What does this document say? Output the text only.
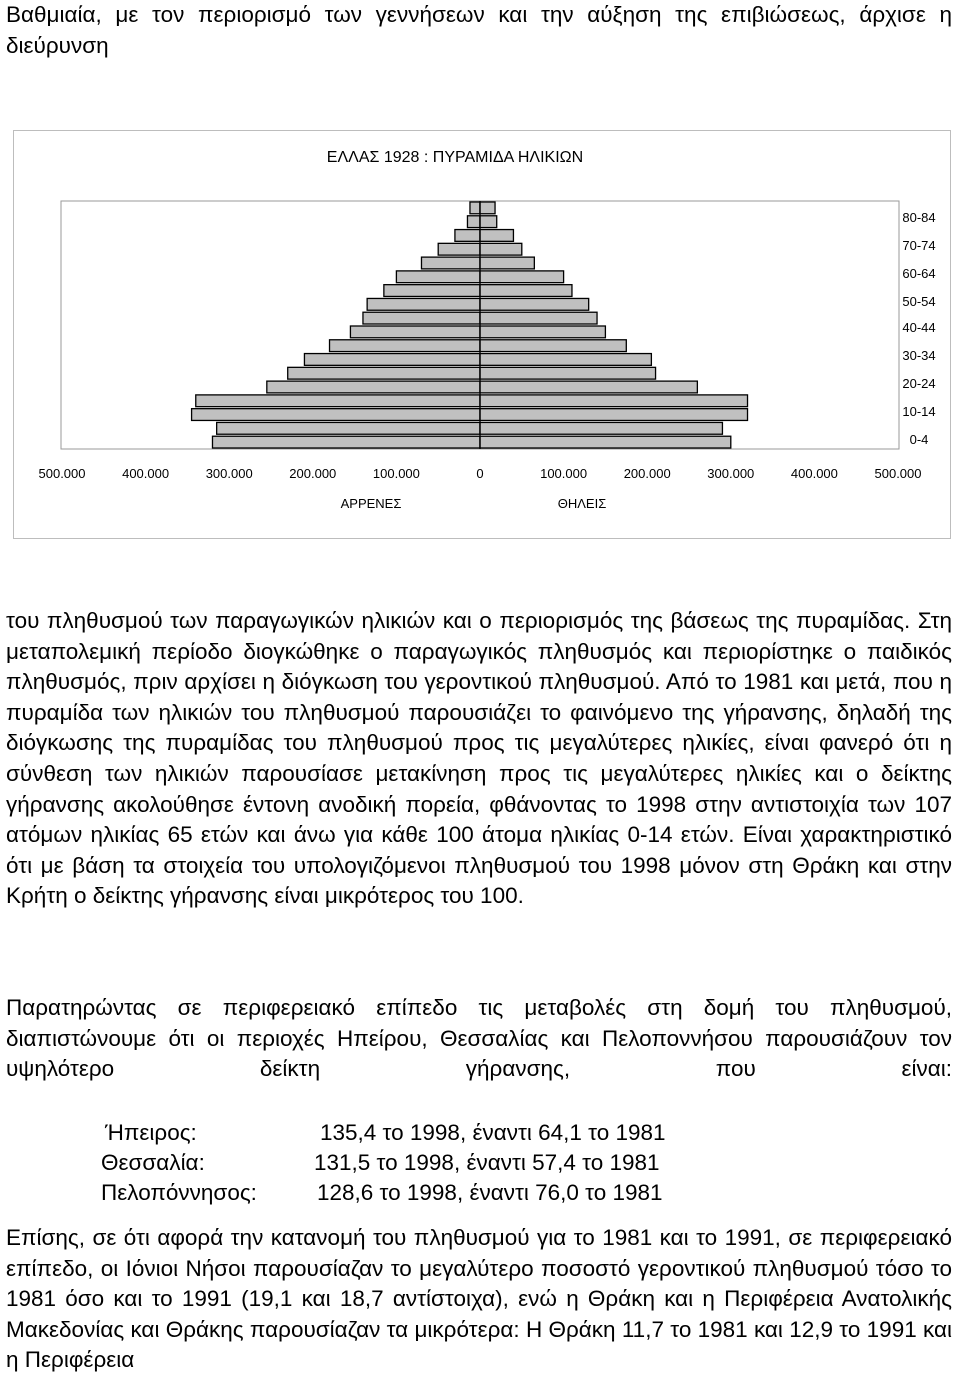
Βαθμιαία, με τον περιορισμό των γεννήσεων και την αύξηση της επιβιώσεως, άρχισε η διεύρυνση

ΕΛΛΑΣ 1928 : ΠΥΡΑΜΙΔΑ ΗΛΙΚΙΩΝ
500.000	400.000	300.000	200.000	100.000	0	100.000	200.000	300.000	400.000	500.000
ΑΡΡΕΝΕΣ	ΘΗΛΕΙΣ
0-4
10-14
20-24
30-34
40-44
50-54
60-64
70-74
80-84

του πληθυσμού των παραγωγικών ηλικιών και ο περιορισμός της βάσεως της πυραμίδας. Στη μεταπολεμική περίοδο διογκώθηκε ο παραγωγικός πληθυσμός και περιορίστηκε ο παιδικός πληθυσμός, πριν αρχίσει η διόγκωση του γεροντικού πληθυσμού. Από το 1981 και μετά, που η πυραμίδα των ηλικιών του πληθυσμού παρουσιάζει το φαινόμενο της γήρανσης, δηλαδή της διόγκωσης της πυραμίδας του πληθυσμού προς τις μεγαλύτερες ηλικίες, είναι φανερό ότι η σύνθεση των ηλικιών παρουσίασε μετακίνηση προς τις μεγαλύτερες ηλικίες και ο δείκτης γήρανσης ακολούθησε έντονη ανοδική πορεία, φθάνοντας το 1998 στην αντιστοιχία των 107 ατόμων ηλικίας 65 ετών και άνω για κάθε 100 άτομα ηλικίας 0-14 ετών. Είναι χαρακτηριστικό ότι με βάση τα στοιχεία του υπολογιζόμενοι πληθυσμού του 1998 μόνον στη Θράκη και στην Κρήτη ο δείκτης γήρανσης είναι μικρότερος του 100.

Παρατηρώντας σε περιφερειακό επίπεδο τις μεταβολές στη δομή του πληθυσμού, διαπιστώνουμε ότι οι περιοχές Ηπείρου, Θεσσαλίας και Πελοποννήσου παρουσιάζουν τον υψηλότερο δείκτη γήρανσης, που είναι:

Ήπειρος:	135,4 το 1998, έναντι 64,1 το 1981
Θεσσαλία:	131,5 το 1998, έναντι 57,4 το 1981
Πελοπόννησος:	128,6 το 1998, έναντι 76,0 το 1981

Επίσης, σε ότι αφορά την κατανομή του πληθυσμού για το 1981 και το 1991, σε περιφερειακό επίπεδο, οι Ιόνιοι Νήσοι παρουσίαζαν το μεγαλύτερο ποσοστό γεροντικού πληθυσμού τόσο το 1981 όσο και το 1991 (19,1 και 18,7 αντίστοιχα), ενώ η Θράκη και η Περιφέρεια Ανατολικής Μακεδονίας και Θράκης παρουσίαζαν τα μικρότερα: Η Θράκη 11,7 το 1981 και 12,9 το 1991 και η Περιφέρεια
